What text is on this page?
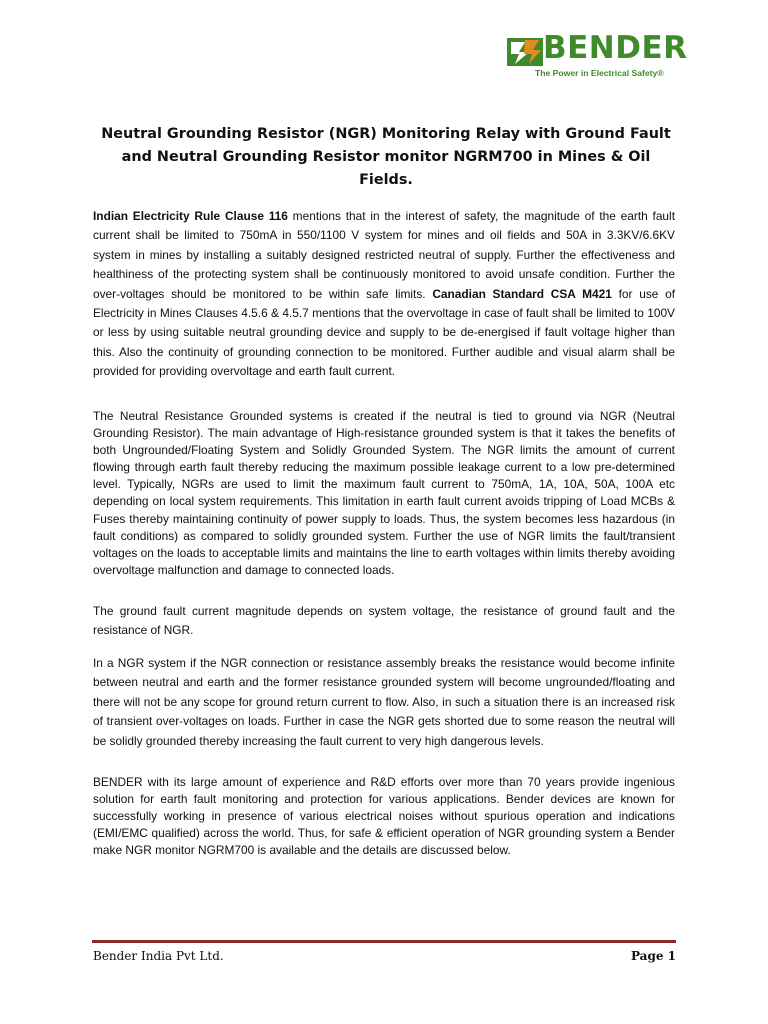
BENDER
The Power in Electrical Safety®
Neutral Grounding Resistor (NGR) Monitoring Relay with Ground Fault and Neutral Grounding Resistor monitor NGRM700 in Mines & Oil Fields.

Indian Electricity Rule Clause 116 mentions that in the interest of safety, the magnitude of the earth fault current shall be limited to 750mA in 550/1100 V system for mines and oil fields and 50A in 3.3KV/6.6KV system in mines by installing a suitably designed restricted neutral of supply. Further the effectiveness and healthiness of the protecting system shall be continuously monitored to avoid unsafe condition. Further the over-voltages should be monitored to be within safe limits. Canadian Standard CSA M421 for use of Electricity in Mines Clauses 4.5.6 & 4.5.7 mentions that the overvoltage in case of fault shall be limited to 100V or less by using suitable neutral grounding device and supply to be de-energised if fault voltage higher than this. Also the continuity of grounding connection to be monitored. Further audible and visual alarm shall be provided for providing overvoltage and earth fault current.

The Neutral Resistance Grounded systems is created if the neutral is tied to ground via NGR (Neutral Grounding Resistor). The main advantage of High-resistance grounded system is that it takes the benefits of both Ungrounded/Floating System and Solidly Grounded System. The NGR limits the amount of current flowing through earth fault thereby reducing the maximum possible leakage current to a low pre-determined level. Typically, NGRs are used to limit the maximum fault current to 750mA, 1A, 10A, 50A, 100A etc depending on local system requirements. This limitation in earth fault current avoids tripping of Load MCBs & Fuses thereby maintaining continuity of power supply to loads. Thus, the system becomes less hazardous (in fault conditions) as compared to solidly grounded system. Further the use of NGR limits the fault/transient voltages on the loads to acceptable limits and maintains the line to earth voltages within limits thereby avoiding overvoltage malfunction and damage to connected loads.

The ground fault current magnitude depends on system voltage, the resistance of ground fault and the resistance of NGR.

In a NGR system if the NGR connection or resistance assembly breaks the resistance would become infinite between neutral and earth and the former resistance grounded system will become ungrounded/floating and there will not be any scope for ground return current to flow. Also, in such a situation there is an increased risk of transient over-voltages on loads. Further in case the NGR gets shorted due to some reason the neutral will be solidly grounded thereby increasing the fault current to very high dangerous levels.

BENDER with its large amount of experience and R&D efforts over more than 70 years provide ingenious solution for earth fault monitoring and protection for various applications. Bender devices are known for successfully working in presence of various electrical noises without spurious operation and indications (EMI/EMC qualified) across the world. Thus, for safe & efficient operation of NGR grounding system a Bender make NGR monitor NGRM700 is available and the details are discussed below.

Bender India Pvt Ltd.	Page 1
